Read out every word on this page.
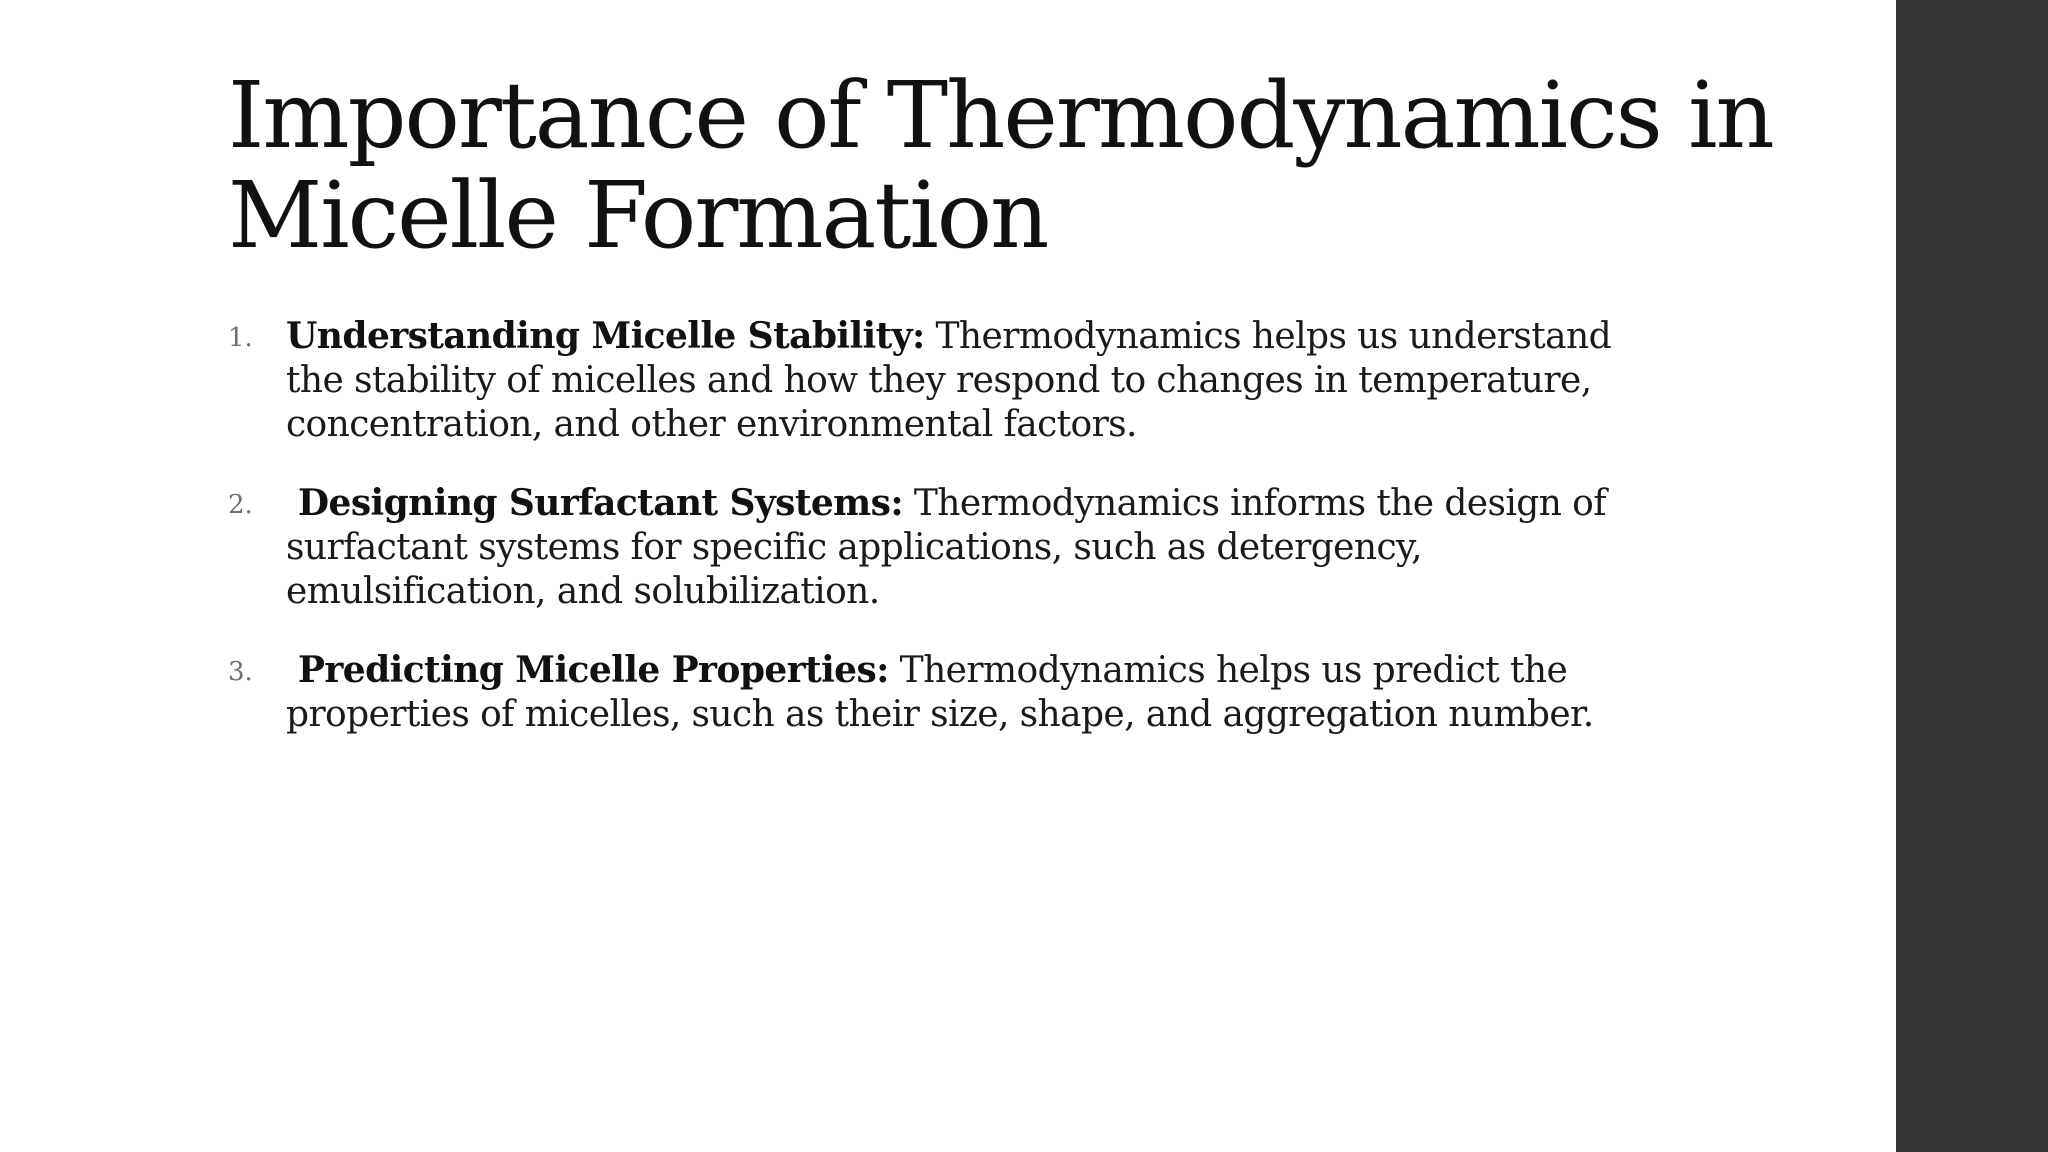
Importance of Thermodynamics in Micelle Formation
1. Understanding Micelle Stability: Thermodynamics helps us understand the stability of micelles and how they respond to changes in temperature, concentration, and other environmental factors.
2. Designing Surfactant Systems: Thermodynamics informs the design of surfactant systems for specific applications, such as detergency, emulsification, and solubilization.
3. Predicting Micelle Properties: Thermodynamics helps us predict the properties of micelles, such as their size, shape, and aggregation number.
